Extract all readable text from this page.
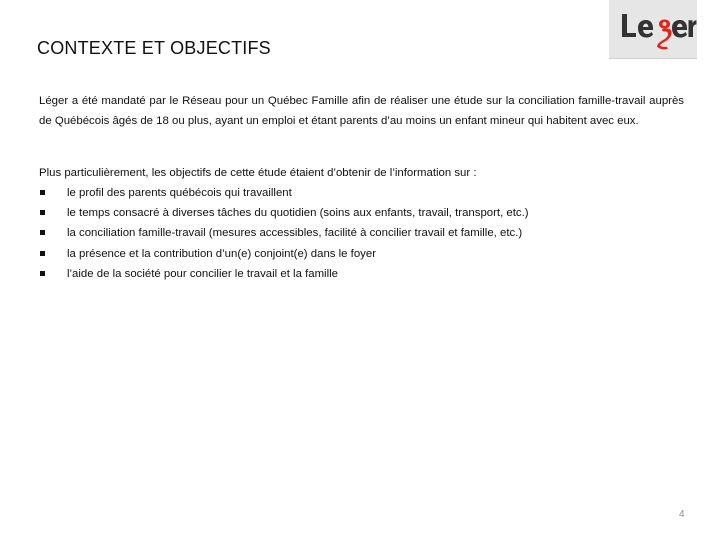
CONTEXTE ET OBJECTIFS
Léger a été mandaté par le Réseau pour un Québec Famille afin de réaliser une étude sur la conciliation famille-travail auprès de Québécois âgés de 18 ou plus, ayant un emploi et étant parents d’au moins un enfant mineur qui habitent avec eux.
Plus particulièrement, les objectifs de cette étude étaient d’obtenir de l’information sur :
le profil des parents québécois qui travaillent
le temps consacré à diverses tâches du quotidien (soins aux enfants, travail, transport, etc.)
la conciliation famille-travail (mesures accessibles, facilité à concilier travail et famille, etc.)
la présence et la contribution d’un(e) conjoint(e) dans le foyer
l’aide de la société pour concilier le travail et la famille
4
